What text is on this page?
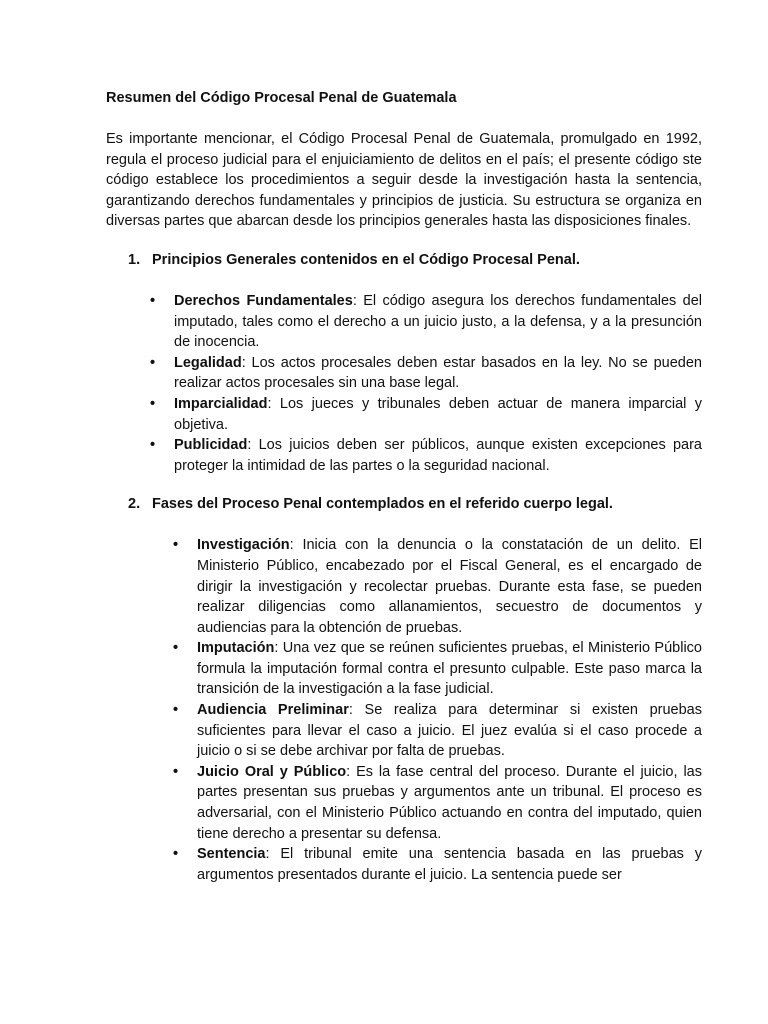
Resumen del Código Procesal Penal de Guatemala

Es importante mencionar, el Código Procesal Penal de Guatemala, promulgado en 1992, regula el proceso judicial para el enjuiciamiento de delitos en el país; el presente código ste código establece los procedimientos a seguir desde la investigación hasta la sentencia, garantizando derechos fundamentales y principios de justicia. Su estructura se organiza en diversas partes que abarcan desde los principios generales hasta las disposiciones finales.

1. Principios Generales contenidos en el Código Procesal Penal.
•	Derechos Fundamentales: El código asegura los derechos fundamentales del imputado, tales como el derecho a un juicio justo, a la defensa, y a la presunción de inocencia.
•	Legalidad: Los actos procesales deben estar basados en la ley. No se pueden realizar actos procesales sin una base legal.
•	Imparcialidad: Los jueces y tribunales deben actuar de manera imparcial y objetiva.
•	Publicidad: Los juicios deben ser públicos, aunque existen excepciones para proteger la intimidad de las partes o la seguridad nacional.
2. Fases del Proceso Penal contemplados en el referido cuerpo legal.
•	Investigación: Inicia con la denuncia o la constatación de un delito. El Ministerio Público, encabezado por el Fiscal General, es el encargado de dirigir la investigación y recolectar pruebas. Durante esta fase, se pueden realizar diligencias como allanamientos, secuestro de documentos y audiencias para la obtención de pruebas.
•	Imputación: Una vez que se reúnen suficientes pruebas, el Ministerio Público formula la imputación formal contra el presunto culpable. Este paso marca la transición de la investigación a la fase judicial.
•	Audiencia Preliminar: Se realiza para determinar si existen pruebas suficientes para llevar el caso a juicio. El juez evalúa si el caso procede a juicio o si se debe archivar por falta de pruebas.
•	Juicio Oral y Público: Es la fase central del proceso. Durante el juicio, las partes presentan sus pruebas y argumentos ante un tribunal. El proceso es adversarial, con el Ministerio Público actuando en contra del imputado, quien tiene derecho a presentar su defensa.
•	Sentencia: El tribunal emite una sentencia basada en las pruebas y argumentos presentados durante el juicio. La sentencia puede ser
